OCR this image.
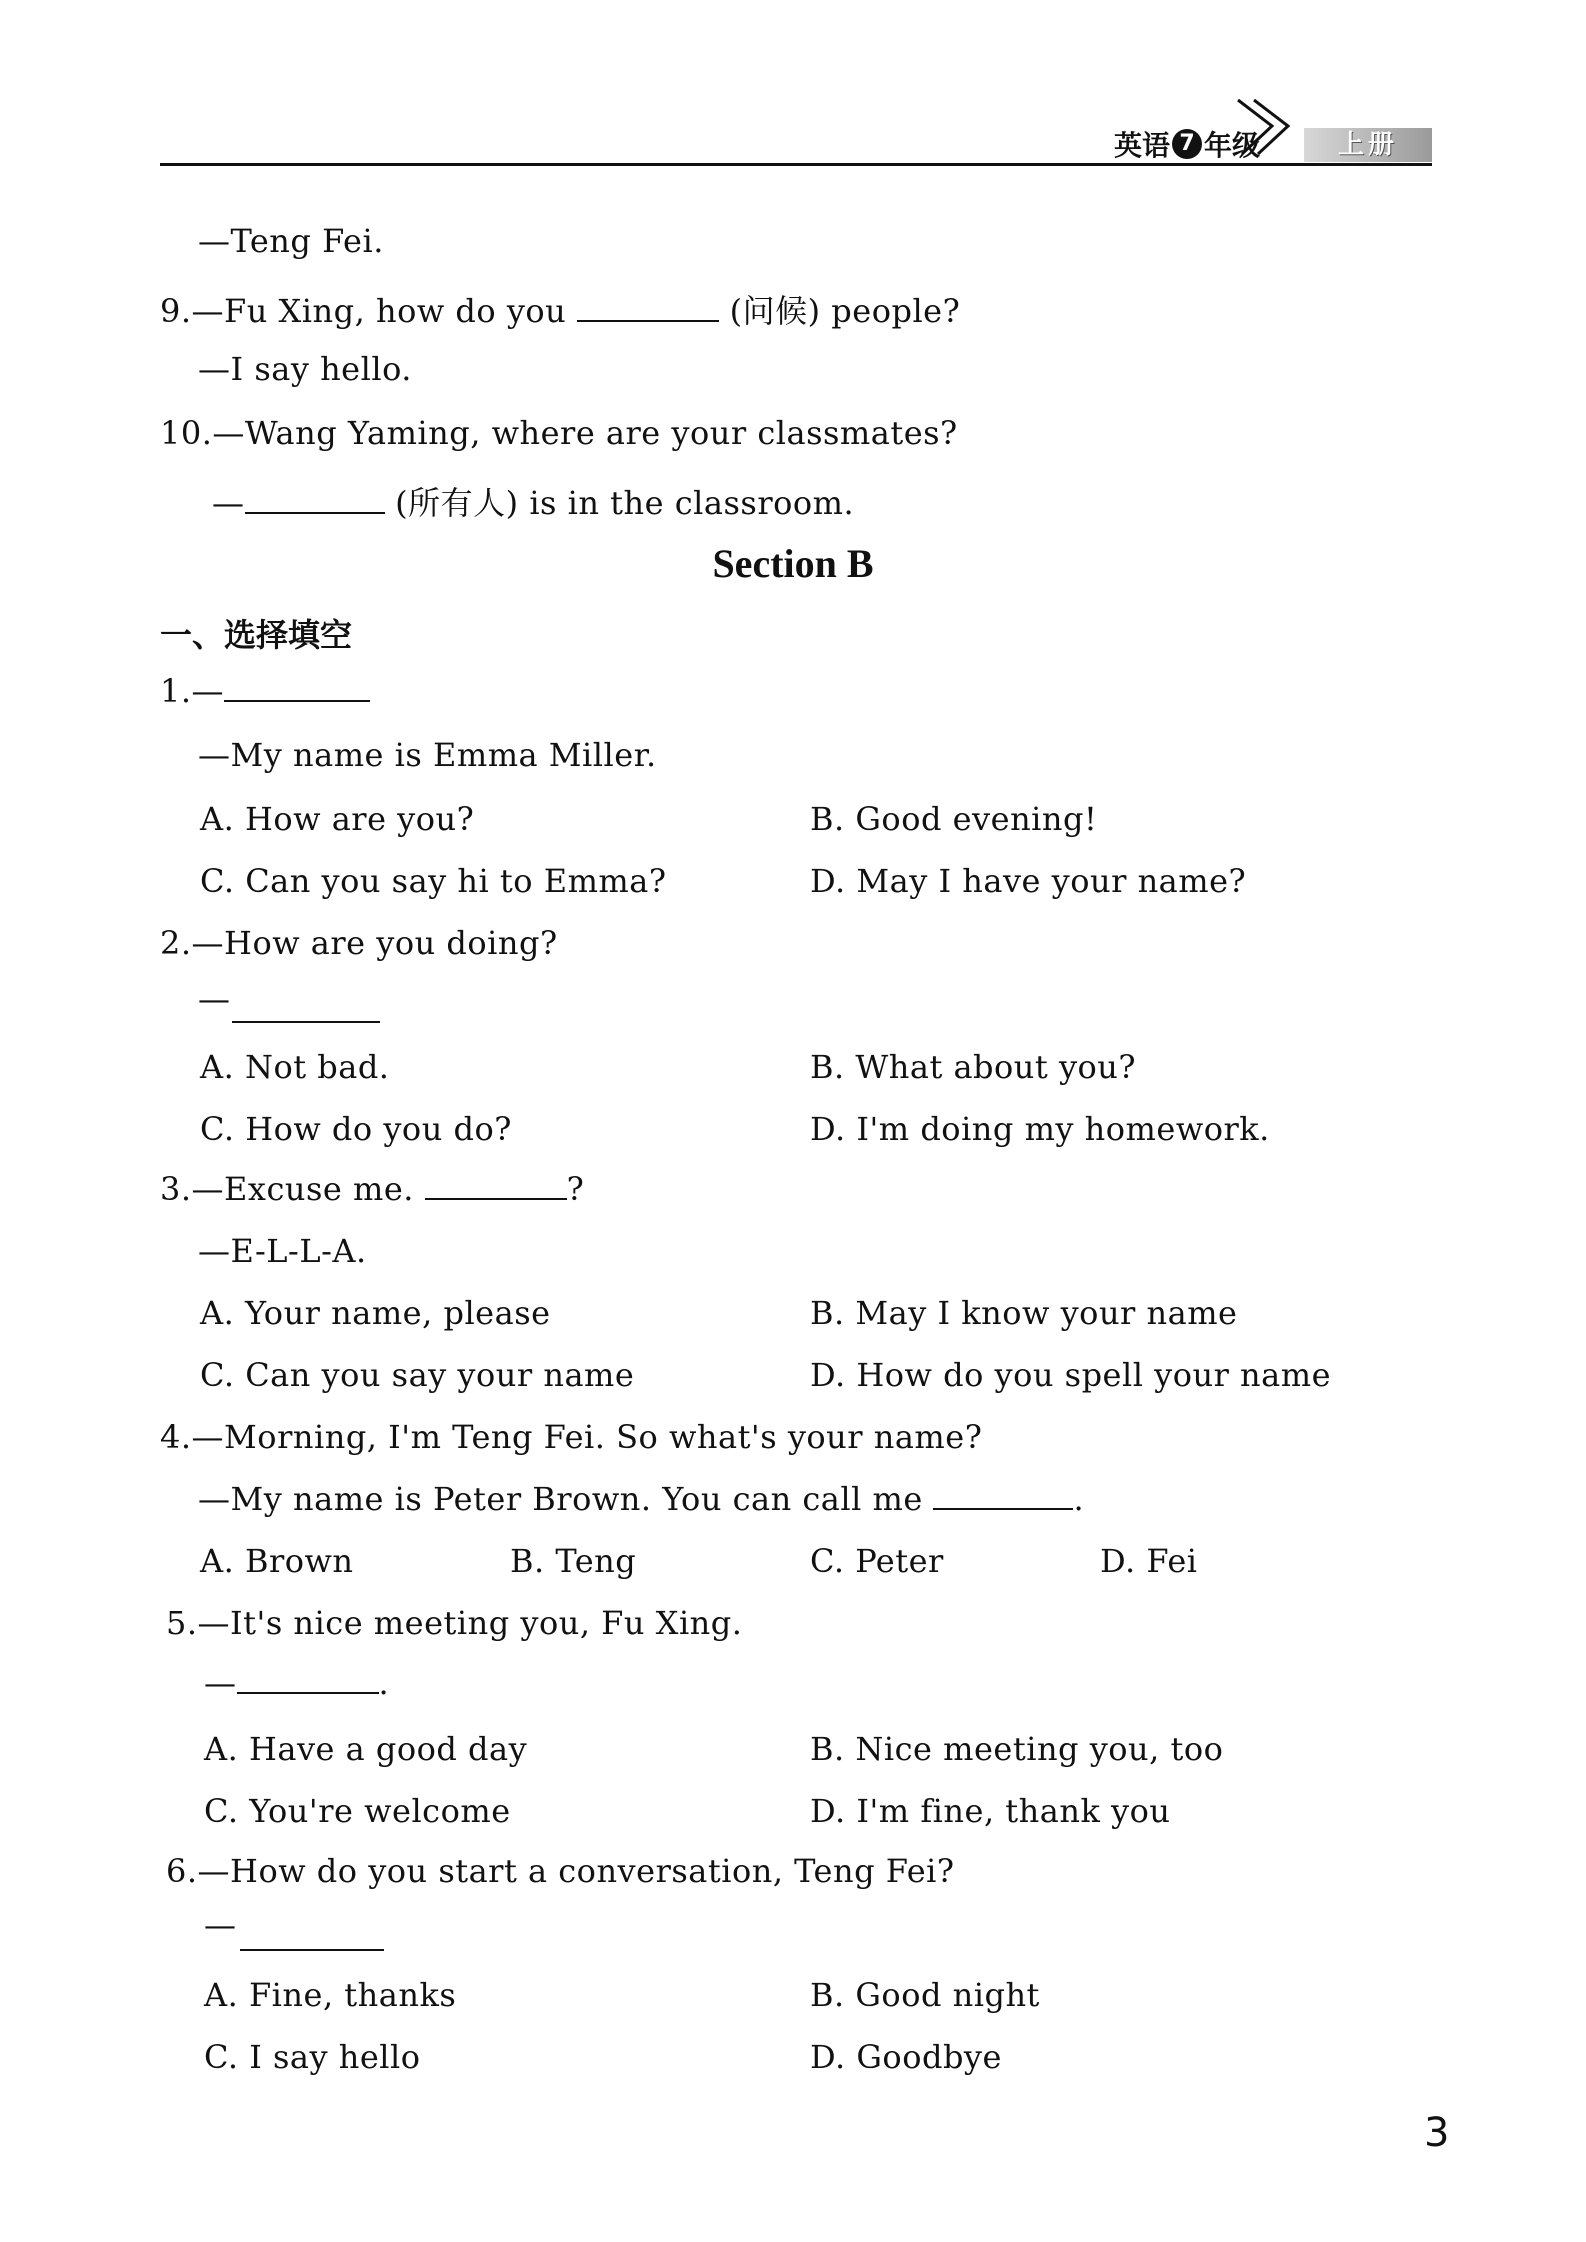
英语 7 年级	上册
—Teng Fei.
9.—Fu Xing, how do you	(问候) people?
—I say hello.
10.—Wang Yaming, where are your classmates?
—	(所有人) is in the classroom.
Section B
一、选择填空
1.—
—My name is Emma Miller.
A. How are you?	B. Good evening!
C. Can you say hi to Emma?	D. May I have your name?
2.—How are you doing?
—
A. Not bad.	B. What about you?
C. How do you do?	D. I'm doing my homework.
3.—Excuse me.	?
—E-L-L-A.
A. Your name, please	B. May I know your name
C. Can you say your name	D. How do you spell your name
4.—Morning, I'm Teng Fei. So what's your name?
—My name is Peter Brown. You can call me	.
A. Brown	B. Teng	C. Peter	D. Fei
5.—It's nice meeting you, Fu Xing.
—	.
A. Have a good day	B. Nice meeting you, too
C. You're welcome	D. I'm fine, thank you
6.—How do you start a conversation, Teng Fei?
—
A. Fine, thanks	B. Good night
C. I say hello	D. Goodbye
3
